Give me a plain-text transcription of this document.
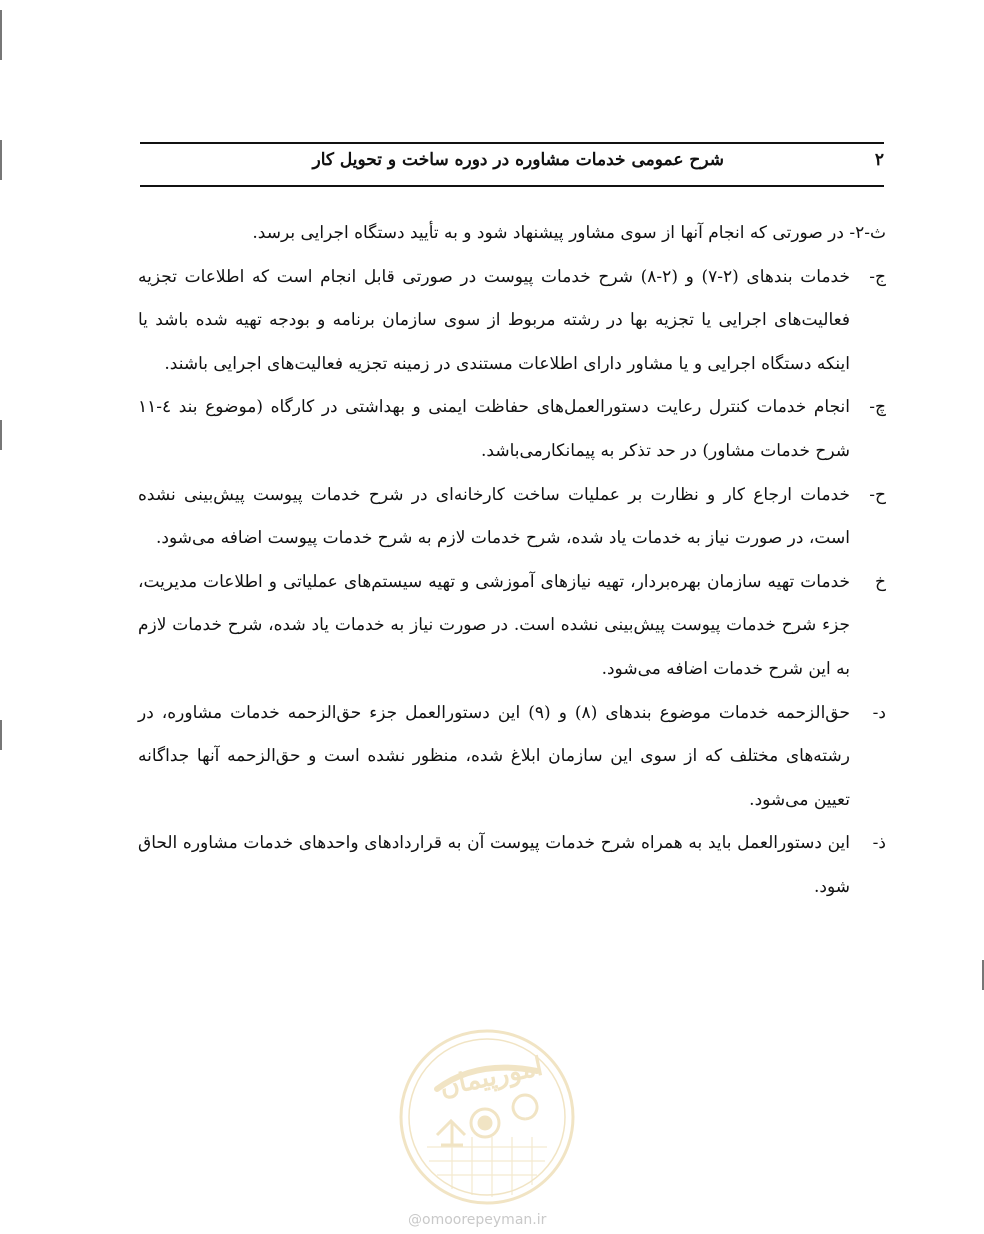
شرح عمومی خدمات مشاوره در دوره ساخت و تحویل کار	۲

ث-۲- در صورتی که انجام آنها از سوی مشاور پیشنهاد شود و به تأیید دستگاه اجرایی برسد.

ج-

خدمات بندهای (۲-۷) و (۲-۸) شرح خدمات پیوست در صورتی قابل انجام است که اطلاعات تجزیه فعالیت‌های اجرایی یا تجزیه بها در رشته مربوط از سوی سازمان برنامه و بودجه تهیه شده باشد یا اینکه دستگاه اجرایی و یا مشاور دارای اطلاعات مستندی در زمینه تجزیه فعالیت‌های اجرایی باشند.

چ-

انجام خدمات کنترل رعایت دستورالعمل‌های حفاظت ایمنی و بهداشتی در کارگاه (موضوع بند ٤-١١ شرح خدمات مشاور) در حد تذکر به پیمانکارمی‌باشد.

ح-

خدمات ارجاع کار و نظارت بر عملیات ساخت کارخانه‌ای در شرح خدمات پیوست پیش‌بینی نشده است، در صورت نیاز به خدمات یاد شده، شرح خدمات لازم به شرح خدمات پیوست اضافه می‌شود.

خ

خدمات تهیه سازمان بهره‌بردار، تهیه نیازهای آموزشی و تهیه سیستم‌های عملیاتی و اطلاعات مدیریت، جزء شرح خدمات پیوست پیش‌بینی نشده است. در صورت نیاز به خدمات یاد شده، شرح خدمات لازم به این شرح خدمات اضافه می‌شود.

د-

حق‌الزحمه خدمات موضوع بندهای (۸) و (۹) این دستورالعمل جزء حق‌الزحمه خدمات مشاوره، در رشته‌های مختلف که از سوی این سازمان ابلاغ شده، منظور نشده است و حق‌الزحمه آنها جداگانه تعیین می‌شود.

ذ-

این دستورالعمل باید به همراه شرح خدمات پیوست آن به قراردادهای واحدهای خدمات مشاوره الحاق شود.

امورپیمان
@omoorepeyman.ir
